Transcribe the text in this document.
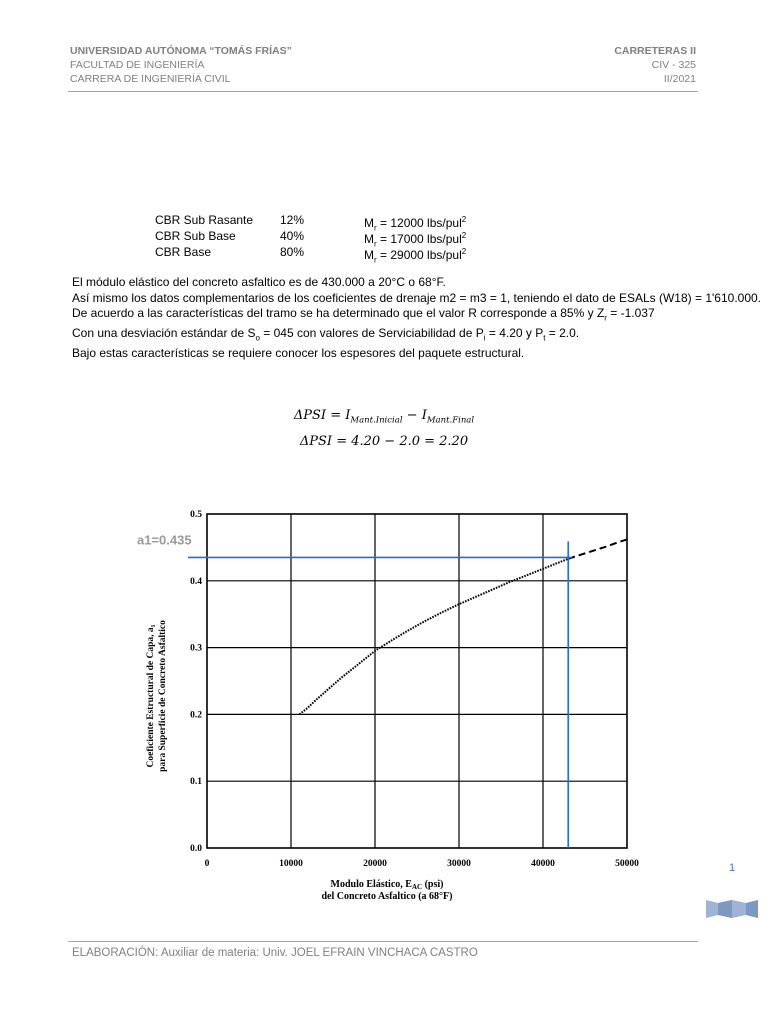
UNIVERSIDAD AUTÓNOMA “TOMÁS FRÍAS”
FACULTAD DE INGENIERÍA
CARRERA DE INGENIERÍA CIVIL
CARRETERAS II
CIV - 325
II/2021
CBR Sub Rasante 12%	$M_r = 12000$ lbs/pul$^2$
CBR Sub Base	40%	$M_r = 17000$ lbs/pul$^2$
CBR Base	80%	$M_r = 29000$ lbs/pul$^2$
El módulo elástico del concreto asfaltico es de 430.000 a 20°C o 68°F.
Así mismo los datos complementarios de los coeficientes de drenaje m2 = m3 = 1, teniendo el dato de ESALs (W18) = 1'610.000.
De acuerdo a las características del tramo se ha determinado que el valor R corresponde a 85% y $Z_r = -1.037$
Con una desviación estándar de $S_o = 045$ con valores de Serviciabilidad de $P_i = 4.20$ y $P_t = 2.0$.
Bajo estas características se requiere conocer los espesores del paquete estructural.
$\Delta PSI = I_{Mant.Inicial} - I_{Mant.Final}$
ΔPSI = 4.20 − 2.0 = 2.20
0	10000	20000	30000	40000	50000
0.0
0.1
0.2
0.3
0.4
0.5
a1=0.435
Modulo Elástico, $E_{AC}$ (psi)
del Concreto Asfaltico (a 68°F)
Coeficiente Estructural de Capa, a₁ para Superficie de Concreto Asfaltico
1
ELABORACIÓN: Auxiliar de materia: Univ. JOEL EFRAIN VINCHACA CASTRO
